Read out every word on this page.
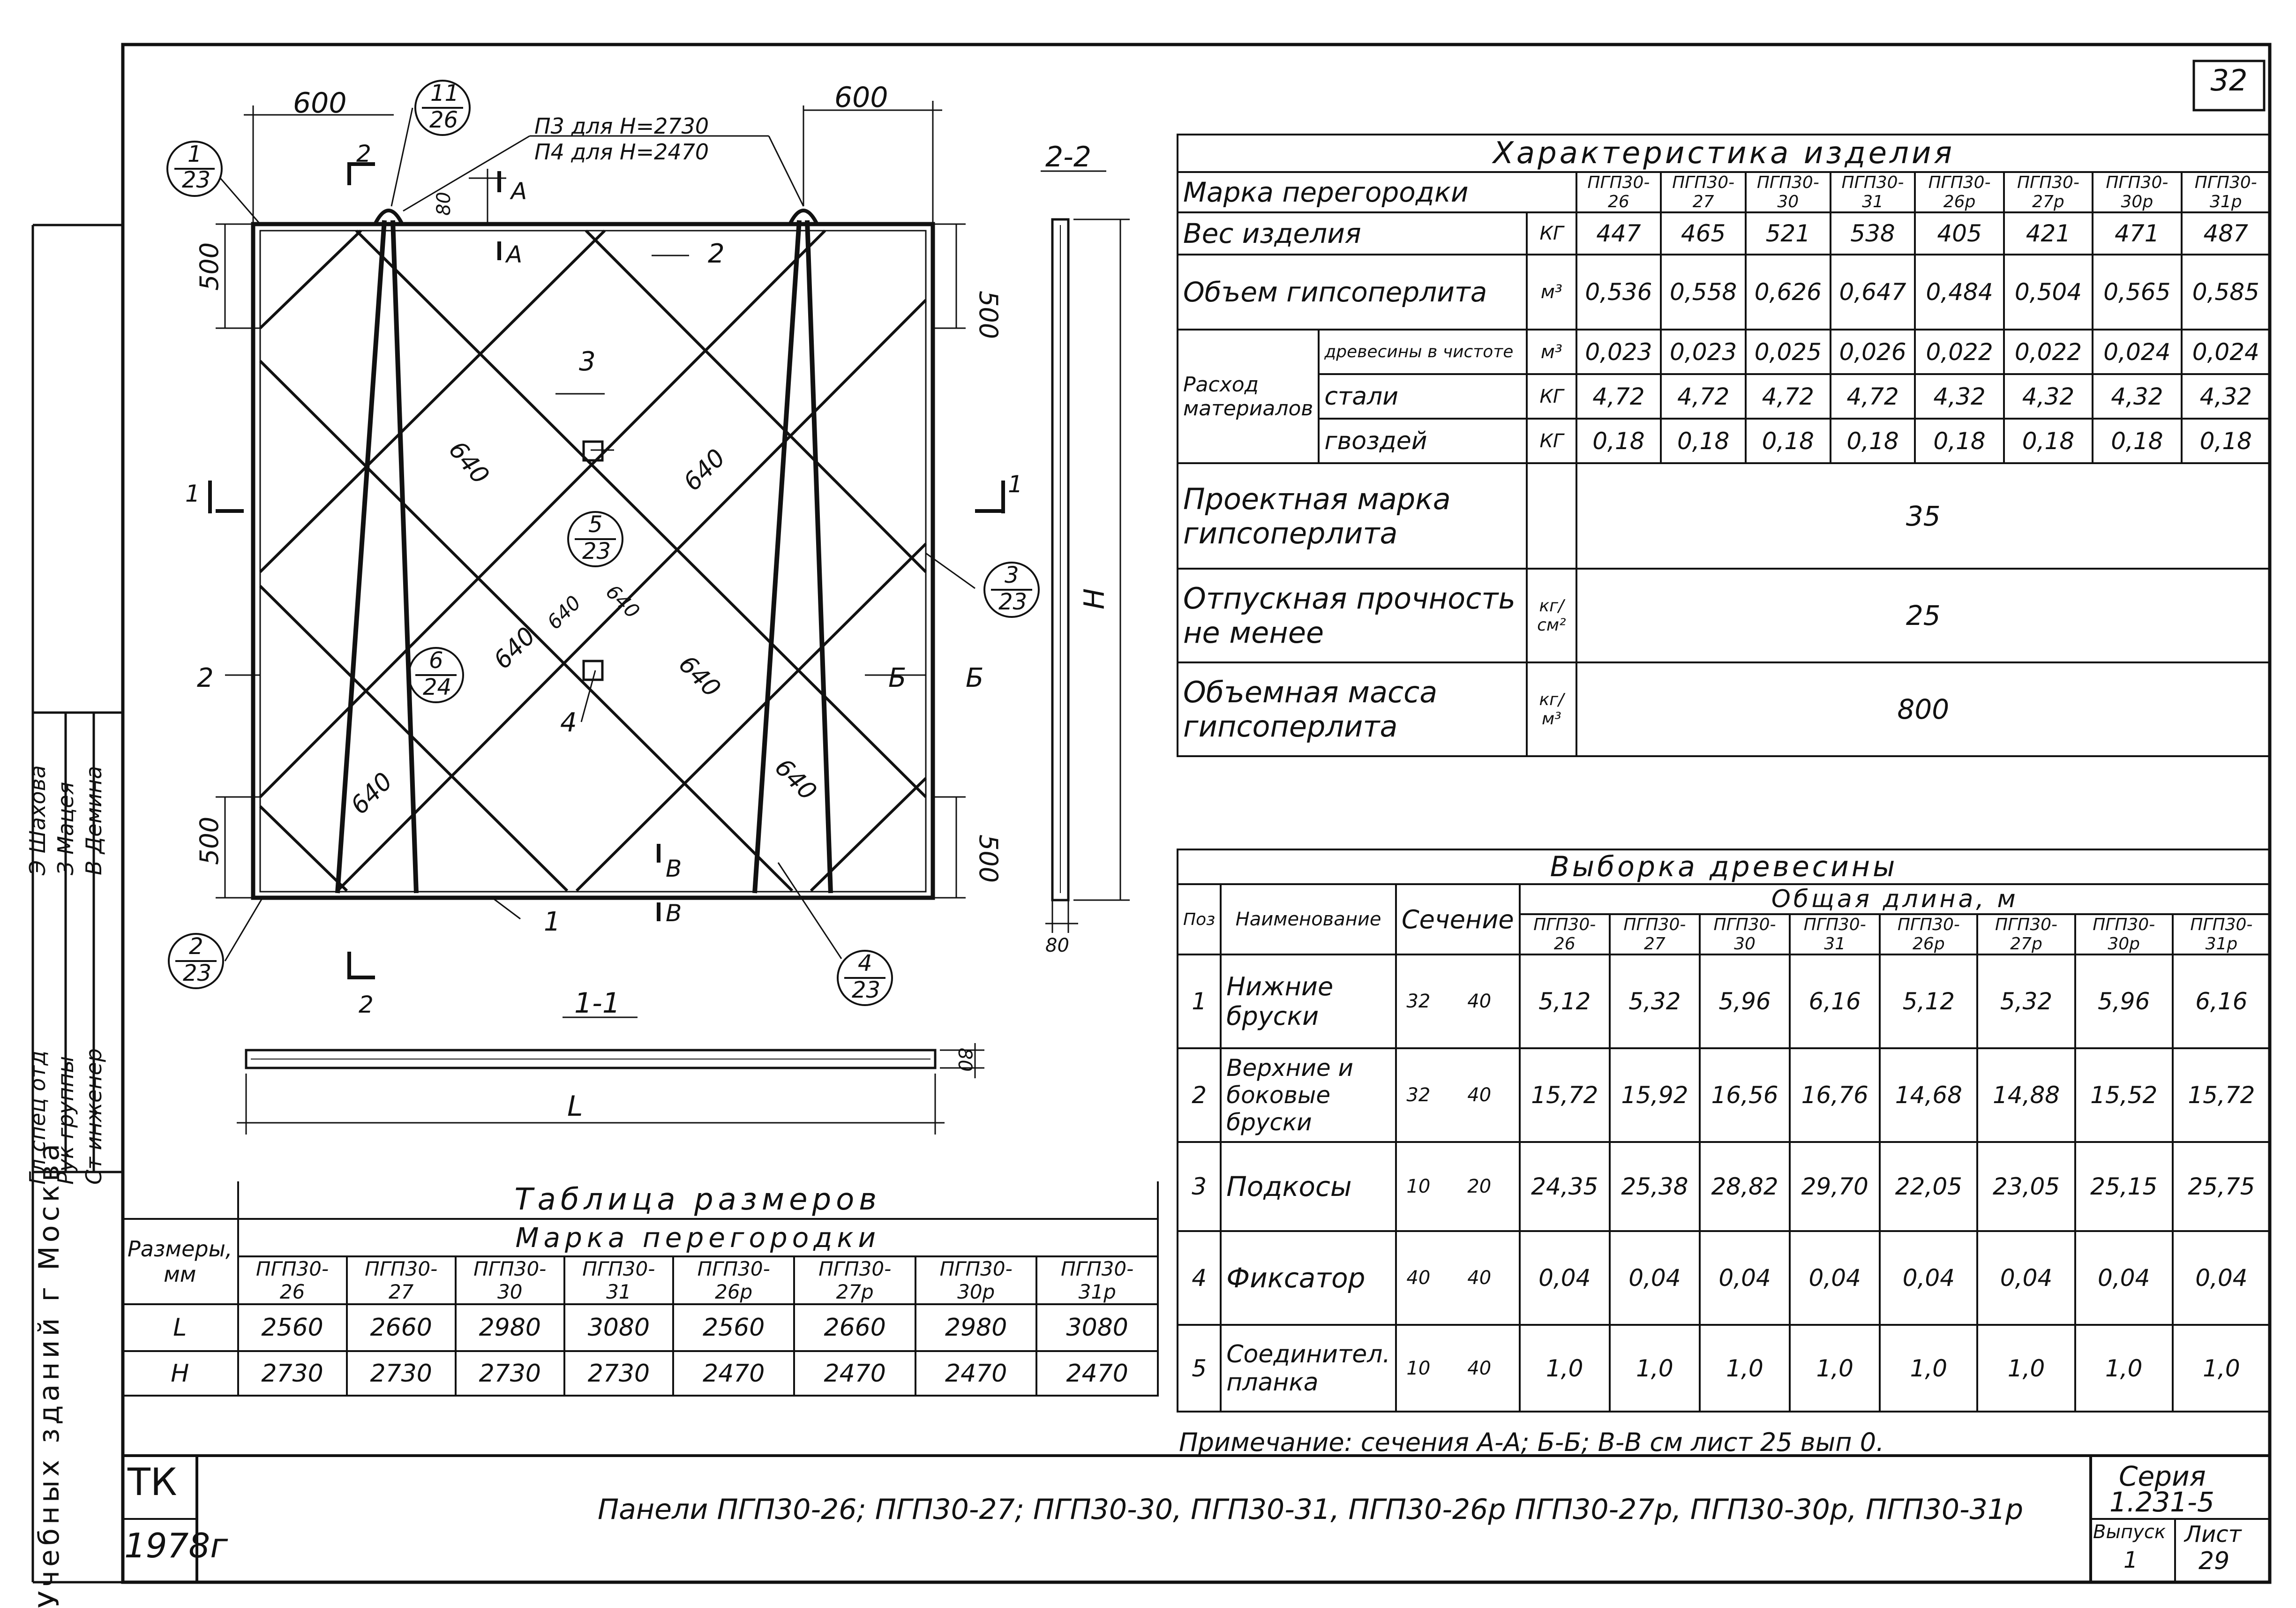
600	600
П3 для Н=2730
П4 для Н=2470
80
500
500
500	500
640	640
640
640
640
640
640 640	H
L
2-2
1-1
80
80
1
23
11
26
5
23
3
23
6
24
2
23	4
23
1
2
3
4
2
А
А
Б Б
В
В
1	1
2
2
32
Характеристика изделия										
Марка перегородки			ПГП30-26	ПГП30-27	ПГП30-30	ПГП30-31	ПГП30-26р	ПГП30-27р	ПГП30-30р	ПГП30-31р
Вес изделия		КГ	447	465	521	538	405	421	471	487
Объем гипсоперлита		м³	0,536	0,558	0,626	0,647	0,484	0,504	0,565	0,585
Расход материалов	древесины в чистоте	м³	0,023	0,023	0,025	0,026	0,022	0,022	0,024	0,024
	стали	КГ	4,72	4,72	4,72	4,72	4,32	4,32	4,32	4,32
	гвоздей	КГ	0,18	0,18	0,18	0,18	0,18	0,18	0,18	0,18
Проектная марка гипсоперлита			35							
Отпускная прочность не менее		кг/см²	25							
Объемная масса гипсоперлита		кг/м³	800							
Выборка древесины											
Поз	Наименование	Сечение		Общая длина, м							
				ПГП30-26	ПГП30-27	ПГП30-30	ПГП30-31	ПГП30-26р	ПГП30-27р	ПГП30-30р	ПГП30-31р
1	Нижние бруски	32	40	5,12	5,32	5,96	6,16	5,12	5,32	5,96	6,16
2	Верхние и боковые бруски	32	40	15,72	15,92	16,56	16,76	14,68	14,88	15,52	15,72
3	Подкосы	10	20	24,35	25,38	28,82	29,70	22,05	23,05	25,15	25,75
4	Фиксатор	40	40	0,04	0,04	0,04	0,04	0,04	0,04	0,04	0,04
5	Соединител. планка	10	40	1,0	1,0	1,0	1,0	1,0	1,0	1,0	1,0
Примечание: сечения А-А; Б-Б; В-В см лист 25 вып 0.
	Таблица размеров							
Размеры, мм	Марка перегородки							
	ПГП30-26	ПГП30-27	ПГП30-30	ПГП30-31	ПГП30-26р	ПГП30-27р	ПГП30-30р	ПГП30-31р
L	2560	2660	2980	3080	2560	2660	2980	3080
H	2730	2730	2730	2730	2470	2470	2470	2470
ТК
1978г
Панели ПГП30-26; ПГП30-27; ПГП30-30, ПГП30-31, ПГП30-26р ПГП30-27р, ПГП30-30р, ПГП30-31р
Серия
1.231-5
Выпуск
1
Лист
29
Учебных зданий г Москва
Гл спец отд Рук группы Ст инженер
Э Шахова З Мацея В Демина
